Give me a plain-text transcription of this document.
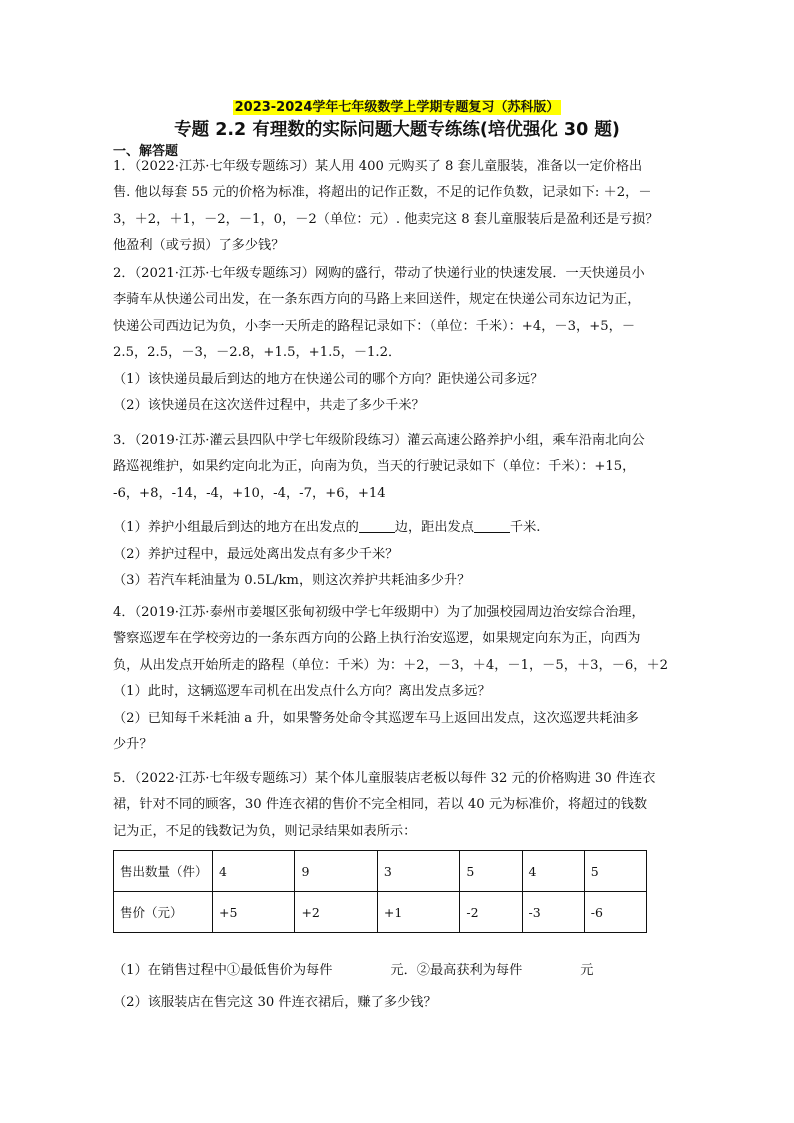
2023-2024学年七年级数学上学期专题复习（苏科版）
专题 2.2 有理数的实际问题大题专练练(培优强化 30 题)
一、解答题
1．（2022·江苏·七年级专题练习）某人用 400 元购买了 8 套儿童服装，准备以一定价格出
售. 他以每套 55 元的价格为标准，将超出的记作正数，不足的记作负数，记录如下: ＋2，－
3，＋2，＋1，－2，－1，0，－2（单位：元）. 他卖完这 8 套儿童服装后是盈利还是亏损？
他盈利（或亏损）了多少钱？
2．（2021·江苏·七年级专题练习）网购的盛行，带动了快递行业的快速发展．一天快递员小
李骑车从快递公司出发，在一条东西方向的马路上来回送件，规定在快递公司东边记为正，
快递公司西边记为负，小李一天所走的路程记录如下：（单位：千米）：+4，－3，+5，－
2.5，2.5，－3，－2.8，+1.5，+1.5，－1.2．
（1）该快递员最后到达的地方在快递公司的哪个方向？距快递公司多远？
（2）该快递员在这次送件过程中，共走了多少千米？
3．（2019·江苏·灌云县四队中学七年级阶段练习）灌云高速公路养护小组，乘车沿南北向公
路巡视维护，如果约定向北为正，向南为负，当天的行驶记录如下（单位：千米）：+15，
-6，+8，-14，-4，+10，-4，-7，+6，+14
（1）养护小组最后到达的地方在出发点的	边，距出发点	千米.
（2）养护过程中，最远处离出发点有多少千米？
（3）若汽车耗油量为 0.5L/km，则这次养护共耗油多少升？
4．（2019·江苏·泰州市姜堰区张甸初级中学七年级期中）为了加强校园周边治安综合治理，
警察巡逻车在学校旁边的一条东西方向的公路上执行治安巡逻，如果规定向东为正，向西为
负，从出发点开始所走的路程（单位：千米）为：＋2，－3，＋4，－1，－5，＋3，－6，＋2
（1）此时，这辆巡逻车司机在出发点什么方向？离出发点多远？
（2）已知每千米耗油 a 升，如果警务处命令其巡逻车马上返回出发点，这次巡逻共耗油多
少升？
5．（2022·江苏·七年级专题练习）某个体儿童服装店老板以每件 32 元的价格购进 30 件连衣
裙，针对不同的顾客，30 件连衣裙的售价不完全相同，若以 40 元为标准价，将超过的钱数
记为正，不足的钱数记为负，则记录结果如表所示：
售出数量（件）	4	9	3	5	4	5
售价（元）	+5	+2	+1	-2	-3	-6
（1）在销售过程中①最低售价为每件	元．②最高获利为每件	元
（2）该服装店在售完这 30 件连衣裙后，赚了多少钱？
